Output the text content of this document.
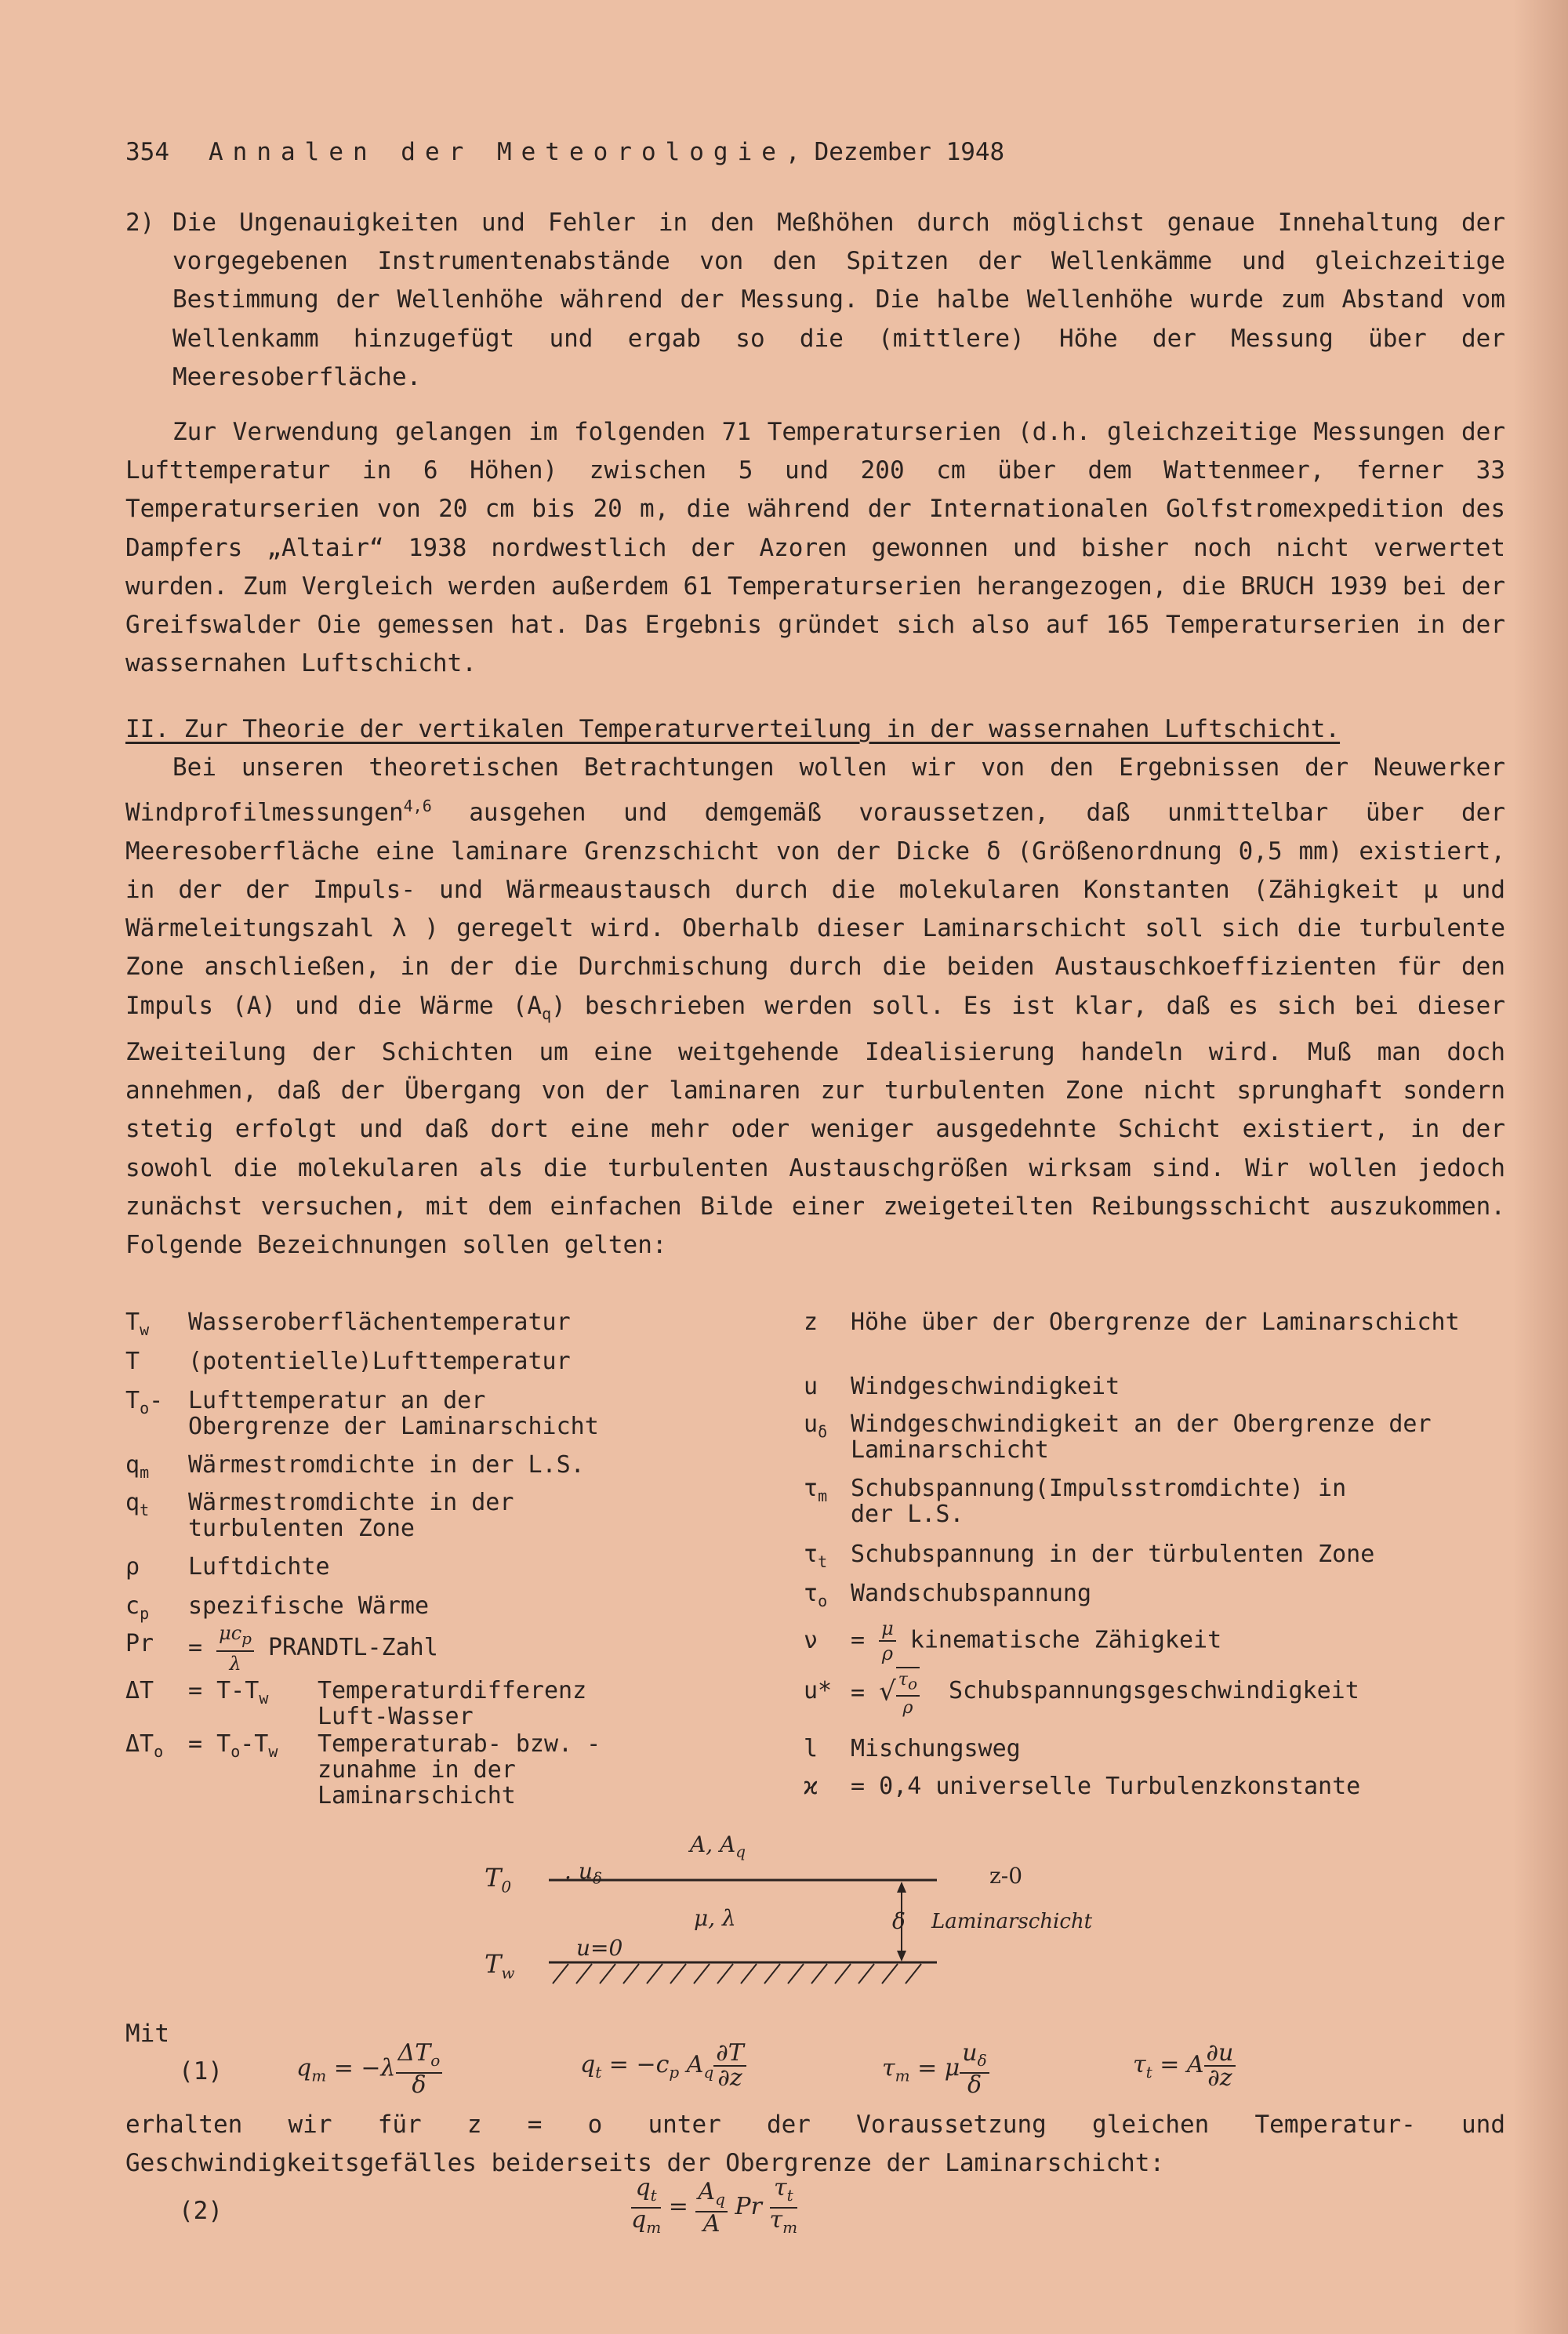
354 Annalen der Meteorologie, Dezember 1948
2) Die Ungenauigkeiten und Fehler in den Meßhöhen durch möglichst genaue Innehaltung der vorgegebenen Instrumentenabstände von den Spitzen der Wellenkämme und gleichzeitige Bestimmung der Wellenhöhe während der Messung. Die halbe Wellenhöhe wurde zum Abstand vom Wellenkamm hinzugefügt und ergab so die (mittlere) Höhe der Messung über der Meeresoberfläche.
Zur Verwendung gelangen im folgenden 71 Temperaturserien (d.h. gleichzeitige Messungen der Lufttemperatur in 6 Höhen) zwischen 5 und 200 cm über dem Wattenmeer, ferner 33 Temperaturserien von 20 cm bis 20 m, die während der Internationalen Golfstromexpedition des Dampfers „Altair“ 1938 nordwestlich der Azoren gewonnen und bisher noch nicht verwertet wurden. Zum Vergleich werden außerdem 61 Temperaturserien herangezogen, die BRUCH 1939 bei der Greifswalder Oie gemessen hat. Das Ergebnis gründet sich also auf 165 Temperaturserien in der wassernahen Luftschicht.
II. Zur Theorie der vertikalen Temperaturverteilung in der wassernahen Luftschicht.
Bei unseren theoretischen Betrachtungen wollen wir von den Ergebnissen der Neuwerker Windprofilmessungen$^{4,6}$ ausgehen und demgemäß voraussetzen, daß unmittelbar über der Meeresoberfläche eine laminare Grenzschicht von der Dicke δ (Größenordnung 0,5 mm) existiert, in der der Impuls- und Wärmeaustausch durch die molekularen Konstanten (Zähigkeit μ und Wärmeleitungszahl λ ) geregelt wird. Oberhalb dieser Laminarschicht soll sich die turbulente Zone anschließen, in der die Durchmischung durch die beiden Austauschkoeffizienten für den Impuls (A) und die Wärme $(A_q)$ beschrieben werden soll. Es ist klar, daß es sich bei dieser Zweiteilung der Schichten um eine weitgehende Idealisierung handeln wird. Muß man doch annehmen, daß der Übergang von der laminaren zur turbulenten Zone nicht sprunghaft sondern stetig erfolgt und daß dort eine mehr oder weniger ausgedehnte Schicht existiert, in der sowohl die molekularen als die turbulenten Austauschgrößen wirksam sind. Wir wollen jedoch zunächst versuchen, mit dem einfachen Bilde einer zweigeteilten Reibungsschicht auszukommen. Folgende Bezeichnungen sollen gelten:
$T_w$ Wasseroberflächentemperatur
T (potentielle)Lufttemperatur
$T_o-$ Lufttemperatur an der Obergrenze der Laminarschicht
$q_m$ Wärmestromdichte in der L.S.
$q_t$ Wärmestromdichte in der turbulenten Zone
ρ Luftdichte
$c_p$ spezifische Wärme
$Pr = \frac{\mu c_p}{\lambda}$ PRANDTL-Zahl
$\Delta T = T-T_w$ Temperaturdifferenz Luft-Wasser
$\Delta T_o = T_o-T_w$ Temperaturab- bzw. -zunahme in der Laminarschicht
z Höhe über der Obergrenze der Laminarschicht
u Windgeschwindigkeit
$u_\delta$ Windgeschwindigkeit an der Obergrenze der Laminarschicht
$\tau_m$ Schubspannung(Impulsstromdichte) in der L.S.
$\tau_t$ Schubspannung in der türbulenten Zone
$\tau_o$ Wandschubspannung
$\nu = \frac{\mu}{\rho}$ kinematische Zähigkeit
u* = √ $\frac{\tau_o}{\rho}$ Schubspannungsgeschwindigkeit
l Mischungsweg
ϰ = 0,4 universelle Turbulenzkonstante
$T_0$
. $u_\delta$
A, $A_q$
z-0
μ, λ	δ Laminarschicht
$T_w$
u=0
Mit
(1)	$q_m = -\lambda \frac{\Delta T_o}{\delta}$	$q_t = -c_p$ $A_q \frac{\partial T}{\partial z}$	$\tau_m = \mu \frac{u_\delta}{\delta}$	$\tau_t = A \frac{\partial u}{\partial z}$
erhalten wir für z = o unter der Voraussetzung gleichen Temperatur- und Geschwindigkeitsgefälles beiderseits der Obergrenze der Laminarschicht:
(2)	$\frac{q_t}{q_m} = \frac{A_q}{A}$ Pr $\frac{\tau_t}{\tau_m}$
